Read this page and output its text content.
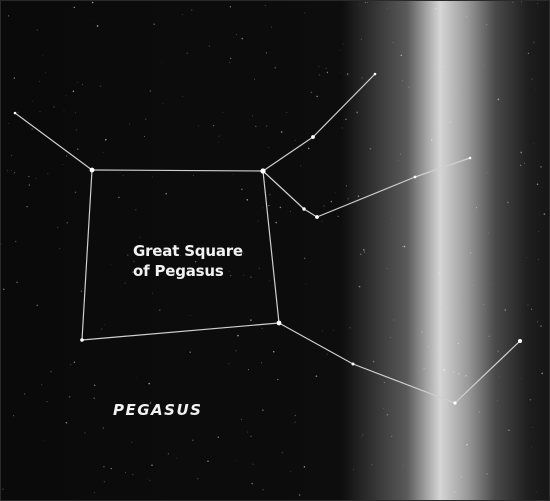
Great Square
of Pegasus

PEGASUS
